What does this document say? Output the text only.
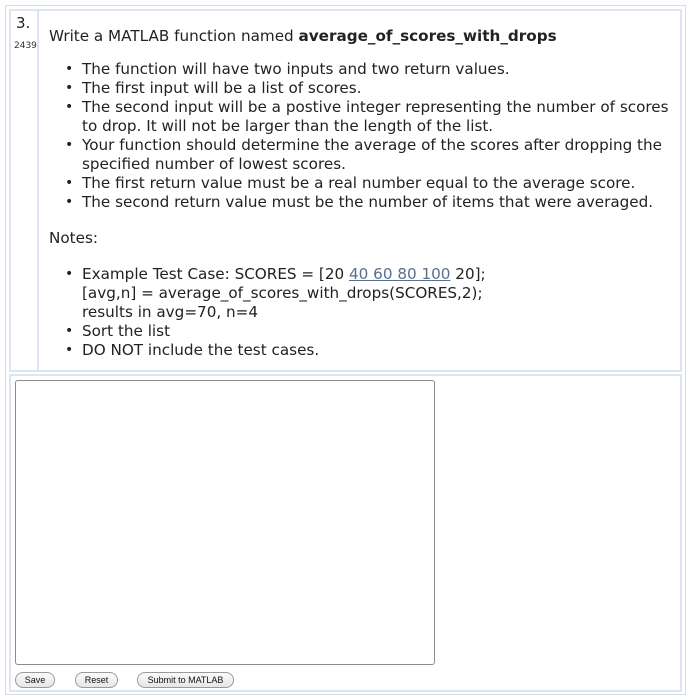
3.
2439

Write a MATLAB function named average_of_scores_with_drops

• The function will have two inputs and two return values.
• The first input will be a list of scores.
• The second input will be a postive integer representing the number of scores to drop. It will not be larger than the length of the list.
• Your function should determine the average of the scores after dropping the specified number of lowest scores.
• The first return value must be a real number equal to the average score.
• The second return value must be the number of items that were averaged.
Notes:
• Example Test Case: SCORES = [20 40 60 80 100 20];
[avg,n] = average_of_scores_with_drops(SCORES,2);
results in avg=70, n=4
• Sort the list
• DO NOT include the test cases.
Save	Reset	Submit to MATLAB
